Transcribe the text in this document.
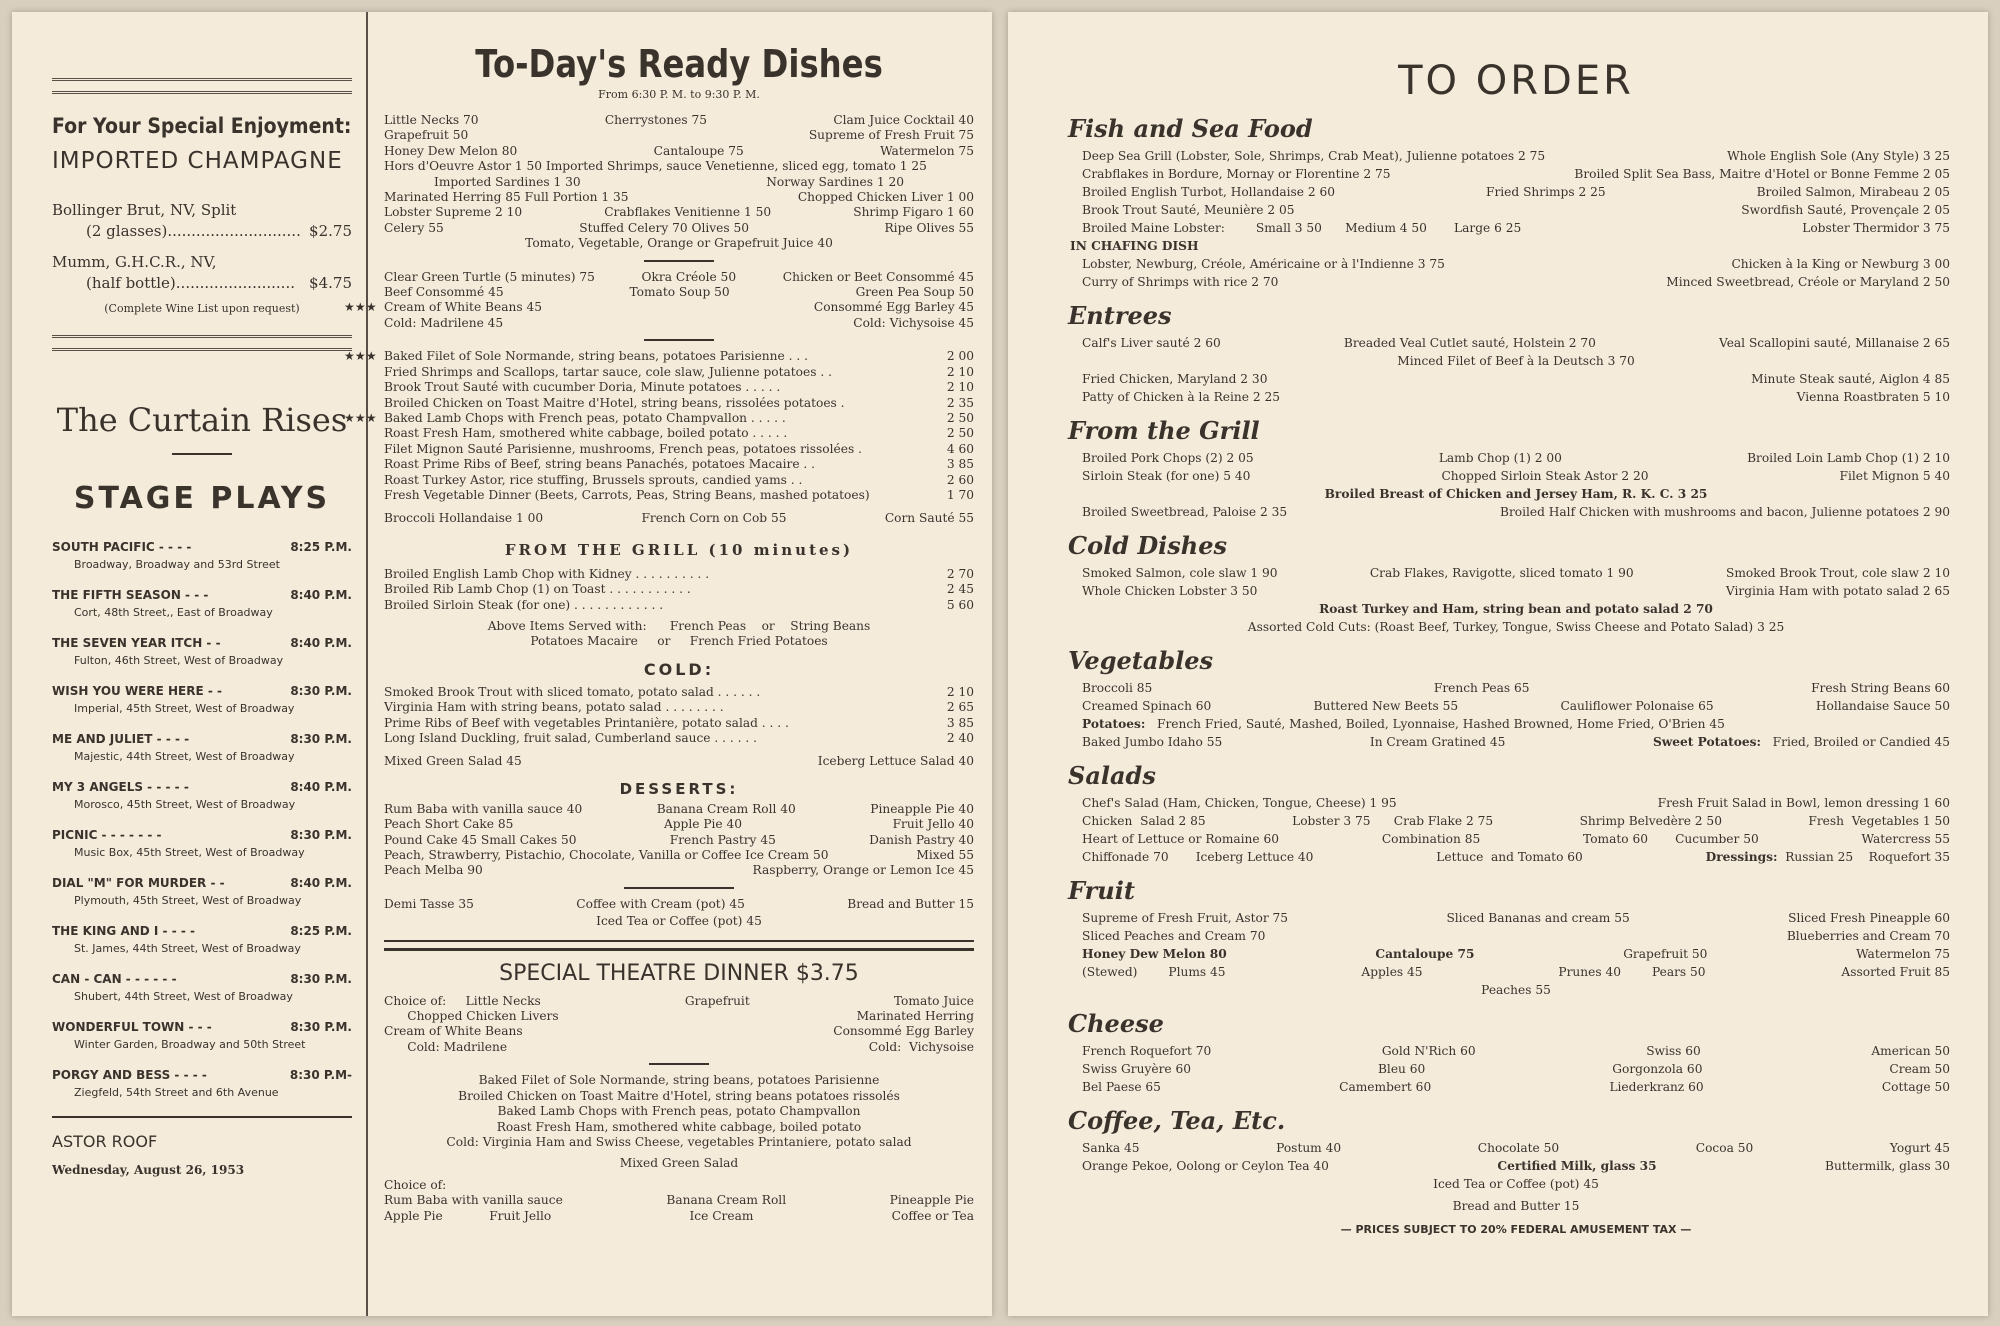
For Your Special Enjoyment:
IMPORTED CHAMPAGNE
Bollinger Brut, NV, Split
(2 glasses)............................ $2.75
Mumm, G.H.C.R., NV,
(half bottle)......................... $4.75
(Complete Wine List upon request)
The Curtain Rises
STAGE PLAYS
SOUTH PACIFIC - - - -	8:25 P.M.
Broadway, Broadway and 53rd Street
THE FIFTH SEASON - - -	8:40 P.M.
Cort, 48th Street,, East of Broadway
THE SEVEN YEAR ITCH - -	8:40 P.M.
Fulton, 46th Street, West of Broadway
WISH YOU WERE HERE - -	8:30 P.M.
Imperial, 45th Street, West of Broadway
ME AND JULIET - - - -	8:30 P.M.
Majestic, 44th Street, West of Broadway
MY 3 ANGELS - - - - -	8:40 P.M.
Morosco, 45th Street, West of Broadway
PICNIC - - - - - - -	8:30 P.M.
Music Box, 45th Street, West of Broadway
DIAL "M" FOR MURDER - -	8:40 P.M.
Plymouth, 45th Street, West of Broadway
THE KING AND I - - - -	8:25 P.M.
St. James, 44th Street, West of Broadway
CAN - CAN - - - - - -	8:30 P.M.
Shubert, 44th Street, West of Broadway
WONDERFUL TOWN - - -	8:30 P.M.
Winter Garden, Broadway and 50th Street
PORGY AND BESS - - - -	8:30 P.M-
Ziegfeld, 54th Street and 6th Avenue
ASTOR ROOF
Wednesday, August 26, 1953
To-Day's Ready Dishes
From 6:30 P. M. to 9:30 P. M.
Little Necks 70	Cherrystones 75	Clam Juice Cocktail 40
Grapefruit 50	Supreme of Fresh Fruit 75
Honey Dew Melon 80	Cantaloupe 75	Watermelon 75
Hors d'Oeuvre Astor 1 50 Imported Shrimps, sauce Venetienne, sliced egg, tomato 1 25
Imported Sardines 1 30	Norway Sardines 1 20
Marinated Herring 85 Full Portion 1 35	Chopped Chicken Liver 1 00
Lobster Supreme 2 10	Crabflakes Venitienne 1 50	Shrimp Figaro 1 60
Celery 55	Stuffed Celery 70 Olives 50	Ripe Olives 55
Tomato, Vegetable, Orange or Grapefruit Juice 40
Clear Green Turtle (5 minutes) 75	Okra Créole 50	Chicken or Beet Consommé 45
Beef Consommé 45	Tomato Soup 50	Green Pea Soup 50
★★★ Cream of White Beans 45	Consommé Egg Barley 45
Cold: Madrilene 45	Cold: Vichysoise 45
★★★ Baked Filet of Sole Normande, string beans, potatoes Parisienne . . .	2 00
Fried Shrimps and Scallops, tartar sauce, cole slaw, Julienne potatoes . .	2 10
Brook Trout Sauté with cucumber Doria, Minute potatoes . . . . .	2 10
Broiled Chicken on Toast Maitre d'Hotel, string beans, rissolées potatoes .	2 35
★★★ Baked Lamb Chops with French peas, potato Champvallon . . . . .	2 50
Roast Fresh Ham, smothered white cabbage, boiled potato . . . . .	2 50
Filet Mignon Sauté Parisienne, mushrooms, French peas, potatoes rissolées .	4 60
Roast Prime Ribs of Beef, string beans Panachés, potatoes Macaire . .	3 85
Roast Turkey Astor, rice stuffing, Brussels sprouts, candied yams . .	2 60
Fresh Vegetable Dinner (Beets, Carrots, Peas, String Beans, mashed potatoes)	1 70
Broccoli Hollandaise 1 00	French Corn on Cob 55	Corn Sauté 55
FROM THE GRILL (10 minutes)
Broiled English Lamb Chop with Kidney . . . . . . . . . .	2 70
Broiled Rib Lamb Chop (1) on Toast . . . . . . . . . . .	2 45
Broiled Sirloin Steak (for one) . . . . . . . . . . . .	5 60
Above Items Served with:      French Peas    or    String Beans
Potatoes Macaire     or     French Fried Potatoes
COLD:
Smoked Brook Trout with sliced tomato, potato salad . . . . . .	2 10
Virginia Ham with string beans, potato salad . . . . . . . .	2 65
Prime Ribs of Beef with vegetables Printanière, potato salad . . . .	3 85
Long Island Duckling, fruit salad, Cumberland sauce . . . . . .	2 40
Mixed Green Salad 45	Iceberg Lettuce Salad 40
DESSERTS:
Rum Baba with vanilla sauce 40	Banana Cream Roll 40	Pineapple Pie 40
Peach Short Cake 85	Apple Pie 40	Fruit Jello 40
Pound Cake 45 Small Cakes 50	French Pastry 45	Danish Pastry 40
Peach, Strawberry, Pistachio, Chocolate, Vanilla or Coffee Ice Cream 50	Mixed 55
Peach Melba 90	Raspberry, Orange or Lemon Ice 45
Demi Tasse 35	Coffee with Cream (pot) 45	Bread and Butter 15
Iced Tea or Coffee (pot) 45
SPECIAL THEATRE DINNER $3.75
Choice of:     Little Necks	Grapefruit	Tomato Juice
Chopped Chicken Livers	Marinated Herring
Cream of White Beans	Consommé Egg Barley
Cold: Madrilene	Cold:  Vichysoise
Baked Filet of Sole Normande, string beans, potatoes Parisienne
Broiled Chicken on Toast Maitre d'Hotel, string beans potatoes rissolés
Baked Lamb Chops with French peas, potato Champvallon
Roast Fresh Ham, smothered white cabbage, boiled potato
Cold: Virginia Ham and Swiss Cheese, vegetables Printaniere, potato salad
Mixed Green Salad
Choice of:
Rum Baba with vanilla sauce	Banana Cream Roll	Pineapple Pie
Apple Pie            Fruit Jello	Ice Cream	Coffee or Tea
TO ORDER
Fish and Sea Food
Deep Sea Grill (Lobster, Sole, Shrimps, Crab Meat), Julienne potatoes 2 75	Whole English Sole (Any Style) 3 25
Crabflakes in Bordure, Mornay or Florentine 2 75	Broiled Split Sea Bass, Maitre d'Hotel or Bonne Femme 2 05
Broiled English Turbot, Hollandaise 2 60	Fried Shrimps 2 25	Broiled Salmon, Mirabeau 2 05
Brook Trout Sauté, Meunière 2 05	Swordfish Sauté, Provençale 2 05
Broiled Maine Lobster:        Small 3 50      Medium 4 50       Large 6 25	Lobster Thermidor 3 75
IN CHAFING DISH
Lobster, Newburg, Créole, Américaine or à l'Indienne 3 75	Chicken à la King or Newburg 3 00
Curry of Shrimps with rice 2 70	Minced Sweetbread, Créole or Maryland 2 50
Entrees
Calf's Liver sauté 2 60	Breaded Veal Cutlet sauté, Holstein 2 70	Veal Scallopini sauté, Millanaise 2 65
Minced Filet of Beef à la Deutsch 3 70
Fried Chicken, Maryland 2 30	Minute Steak sauté, Aiglon 4 85
Patty of Chicken à la Reine 2 25	Vienna Roastbraten 5 10
From the Grill
Broiled Pork Chops (2) 2 05	Lamb Chop (1) 2 00	Broiled Loin Lamb Chop (1) 2 10
Sirloin Steak (for one) 5 40	Chopped Sirloin Steak Astor 2 20	Filet Mignon 5 40
Broiled Breast of Chicken and Jersey Ham, R. K. C. 3 25
Broiled Sweetbread, Paloise 2 35	Broiled Half Chicken with mushrooms and bacon, Julienne potatoes 2 90
Cold Dishes
Smoked Salmon, cole slaw 1 90	Crab Flakes, Ravigotte, sliced tomato 1 90	Smoked Brook Trout, cole slaw 2 10
Whole Chicken Lobster 3 50	Virginia Ham with potato salad 2 65
Roast Turkey and Ham, string bean and potato salad 2 70
Assorted Cold Cuts: (Roast Beef, Turkey, Tongue, Swiss Cheese and Potato Salad) 3 25
Vegetables
Broccoli 85	French Peas 65	Fresh String Beans 60
Creamed Spinach 60	Buttered New Beets 55	Cauliflower Polonaise 65	Hollandaise Sauce 50
Potatoes: French Fried, Sauté, Mashed, Boiled, Lyonnaise, Hashed Browned, Home Fried, O'Brien 45
Baked Jumbo Idaho 55	In Cream Gratined 45	Sweet Potatoes: Fried, Broiled or Candied 45
Salads
Chef's Salad (Ham, Chicken, Tongue, Cheese) 1 95	Fresh Fruit Salad in Bowl, lemon dressing 1 60
Chicken  Salad 2 85	Lobster 3 75      Crab Flake 2 75	Shrimp Belvedère 2 50	Fresh  Vegetables 1 50
Heart of Lettuce or Romaine 60	Combination 85	Tomato 60       Cucumber 50	Watercress 55
Chiffonade 70       Iceberg Lettuce 40	Lettuce  and Tomato 60	Dressings: Russian 25    Roquefort 35
Fruit
Supreme of Fresh Fruit, Astor 75	Sliced Bananas and cream 55	Sliced Fresh Pineapple 60
Sliced Peaches and Cream 70	Blueberries and Cream 70
Honey Dew Melon 80	Cantaloupe 75	Grapefruit 50	Watermelon 75
(Stewed)        Plums 45	Apples 45	Prunes 40        Pears 50	Assorted Fruit 85
Peaches 55
Cheese
French Roquefort 70	Gold N'Rich 60	Swiss 60	American 50
Swiss Gruyère 60	Bleu 60	Gorgonzola 60	Cream 50
Bel Paese 65	Camembert 60	Liederkranz 60	Cottage 50
Coffee, Tea, Etc.
Sanka 45	Postum 40	Chocolate 50	Cocoa 50	Yogurt 45
Orange Pekoe, Oolong or Ceylon Tea 40	Certified Milk, glass 35	Buttermilk, glass 30
Iced Tea or Coffee (pot) 45
Bread and Butter 15
— PRICES SUBJECT TO 20% FEDERAL AMUSEMENT TAX —
